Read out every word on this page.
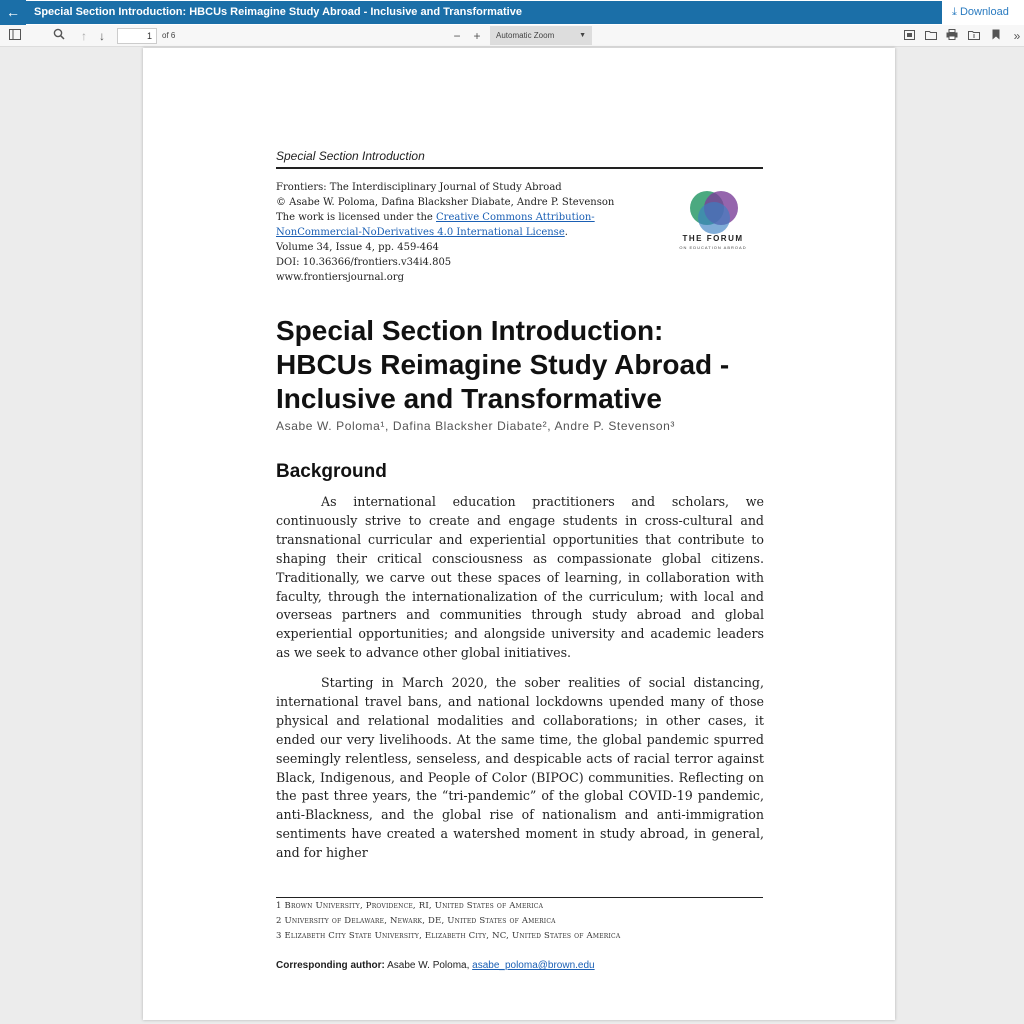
←	Special Section Introduction: HBCUs Reimagine Study Abroad - Inclusive and Transformative	⤓ Download
↑	↓	1	of 6	− +	Automatic Zoom	▼	»
Special Section Introduction
Frontiers: The Interdisciplinary Journal of Study Abroad
© Asabe W. Poloma, Dafina Blacksher Diabate, Andre P. Stevenson
The work is licensed under the Creative Commons Attribution-NonCommercial-NoDerivatives 4.0 International License.
Volume 34, Issue 4, pp. 459-464
DOI: 10.36366/frontiers.v34i4.805
www.frontiersjournal.org
THE FORUM
ON EDUCATION ABROAD
Special Section Introduction: HBCUs Reimagine Study Abroad - Inclusive and Transformative
Asabe W. Poloma¹, Dafina Blacksher Diabate², Andre P. Stevenson³
Background
As international education practitioners and scholars, we continuously strive to create and engage students in cross-cultural and transnational curricular and experiential opportunities that contribute to shaping their critical consciousness as compassionate global citizens. Traditionally, we carve out these spaces of learning, in collaboration with faculty, through the internationalization of the curriculum; with local and overseas partners and communities through study abroad and global experiential opportunities; and alongside university and academic leaders as we seek to advance other global initiatives.
Starting in March 2020, the sober realities of social distancing, international travel bans, and national lockdowns upended many of those physical and relational modalities and collaborations; in other cases, it ended our very livelihoods. At the same time, the global pandemic spurred seemingly relentless, senseless, and despicable acts of racial terror against Black, Indigenous, and People of Color (BIPOC) communities. Reflecting on the past three years, the “tri-pandemic” of the global COVID-19 pandemic, anti-Blackness, and the global rise of nationalism and anti-immigration sentiments have created a watershed moment in study abroad, in general, and for higher
1 Brown University, Providence, RI, United States of America
2 University of Delaware, Newark, DE, United States of America
3 Elizabeth City State University, Elizabeth City, NC, United States of America
Corresponding author: Asabe W. Poloma, asabe_poloma@brown.edu
